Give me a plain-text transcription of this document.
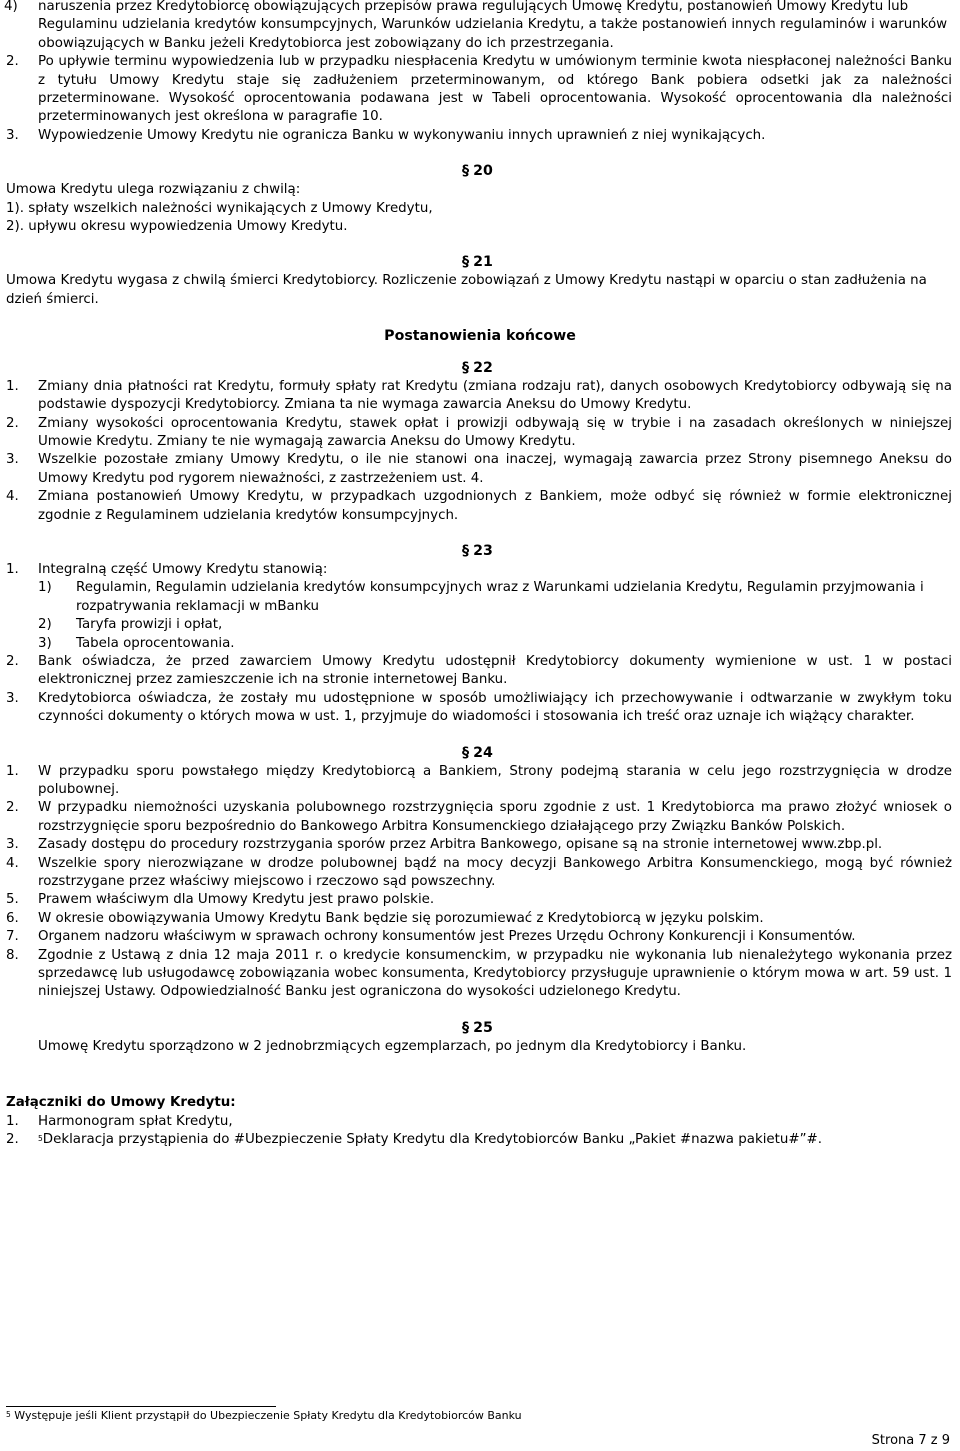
4) naruszenia przez Kredytobiorcę obowiązujących przepisów prawa regulujących Umowę Kredytu, postanowień Umowy Kredytu lub Regulaminu udzielania kredytów konsumpcyjnych, Warunków udzielania Kredytu, a także postanowień innych regulaminów i warunków obowiązujących w Banku jeżeli Kredytobiorca jest zobowiązany do ich przestrzegania.
2. Po upływie terminu wypowiedzenia lub w przypadku niespłacenia Kredytu w umówionym terminie kwota niespłaconej należności Banku z tytułu Umowy Kredytu staje się zadłużeniem przeterminowanym, od którego Bank pobiera odsetki jak za należności przeterminowane. Wysokość oprocentowania podawana jest w Tabeli oprocentowania. Wysokość oprocentowania dla należności przeterminowanych jest określona w paragrafie 10.
3. Wypowiedzenie Umowy Kredytu nie ogranicza Banku w wykonywaniu innych uprawnień z niej wynikających.
§ 20
Umowa Kredytu ulega rozwiązaniu z chwilą:
1). spłaty wszelkich należności wynikających z Umowy Kredytu,
2). upływu okresu wypowiedzenia Umowy Kredytu.
§ 21
Umowa Kredytu wygasa z chwilą śmierci Kredytobiorcy. Rozliczenie zobowiązań z Umowy Kredytu nastąpi w oparciu o stan zadłużenia na dzień śmierci.
Postanowienia końcowe
§ 22
1. Zmiany dnia płatności rat Kredytu, formuły spłaty rat Kredytu (zmiana rodzaju rat), danych osobowych Kredytobiorcy odbywają się na podstawie dyspozycji Kredytobiorcy. Zmiana ta nie wymaga zawarcia Aneksu do Umowy Kredytu.
2. Zmiany wysokości oprocentowania Kredytu, stawek opłat i prowizji odbywają się w trybie i na zasadach określonych w niniejszej Umowie Kredytu. Zmiany te nie wymagają zawarcia Aneksu do Umowy Kredytu.
3. Wszelkie pozostałe zmiany Umowy Kredytu, o ile nie stanowi ona inaczej, wymagają zawarcia przez Strony pisemnego Aneksu do Umowy Kredytu pod rygorem nieważności, z zastrzeżeniem ust. 4.
4. Zmiana postanowień Umowy Kredytu, w przypadkach uzgodnionych z Bankiem, może odbyć się również w formie elektronicznej zgodnie z Regulaminem udzielania kredytów konsumpcyjnych.
§ 23
1. Integralną część Umowy Kredytu stanowią:
1) Regulamin, Regulamin udzielania kredytów konsumpcyjnych wraz z Warunkami udzielania Kredytu, Regulamin przyjmowania i rozpatrywania reklamacji w mBanku
2) Taryfa prowizji i opłat,
3) Tabela oprocentowania.
2. Bank oświadcza, że przed zawarciem Umowy Kredytu udostępnił Kredytobiorcy dokumenty wymienione w ust. 1 w postaci elektronicznej przez zamieszczenie ich na stronie internetowej Banku.
3. Kredytobiorca oświadcza, że zostały mu udostępnione w sposób umożliwiający ich przechowywanie i odtwarzanie w zwykłym toku czynności dokumenty o których mowa w ust. 1, przyjmuje do wiadomości i stosowania ich treść oraz uznaje ich wiążący charakter.
§ 24
1. W przypadku sporu powstałego między Kredytobiorcą a Bankiem, Strony podejmą starania w celu jego rozstrzygnięcia w drodze polubownej.
2. W przypadku niemożności uzyskania polubownego rozstrzygnięcia sporu zgodnie z ust. 1 Kredytobiorca ma prawo złożyć wniosek o rozstrzygnięcie sporu bezpośrednio do Bankowego Arbitra Konsumenckiego działającego przy Związku Banków Polskich.
3. Zasady dostępu do procedury rozstrzygania sporów przez Arbitra Bankowego, opisane są na stronie internetowej www.zbp.pl.
4. Wszelkie spory nierozwiązane w drodze polubownej bądź na mocy decyzji Bankowego Arbitra Konsumenckiego, mogą być również rozstrzygane przez właściwy miejscowo i rzeczowo sąd powszechny.
5. Prawem właściwym dla Umowy Kredytu jest prawo polskie.
6. W okresie obowiązywania Umowy Kredytu Bank będzie się porozumiewać z Kredytobiorcą w języku polskim.
7. Organem nadzoru właściwym w sprawach ochrony konsumentów jest Prezes Urzędu Ochrony Konkurencji i Konsumentów.
8. Zgodnie z Ustawą z dnia 12 maja 2011 r. o kredycie konsumenckim, w przypadku nie wykonania lub nienależytego wykonania przez sprzedawcę lub usługodawcę zobowiązania wobec konsumenta, Kredytobiorcy przysługuje uprawnienie o którym mowa w art. 59 ust. 1 niniejszej Ustawy. Odpowiedzialność Banku jest ograniczona do wysokości udzielonego Kredytu.
§ 25
Umowę Kredytu sporządzono w 2 jednobrzmiących egzemplarzach, po jednym dla Kredytobiorcy i Banku.
Załączniki do Umowy Kredytu:
1. Harmonogram spłat Kredytu,
2.	$^5$Deklaracja przystąpienia do #Ubezpieczenie Spłaty Kredytu dla Kredytobiorców Banku „Pakiet #nazwa pakietu#”#.
$^5$ Występuje jeśli Klient przystąpił do Ubezpieczenie Spłaty Kredytu dla Kredytobiorców Banku
Strona 7 z 9
